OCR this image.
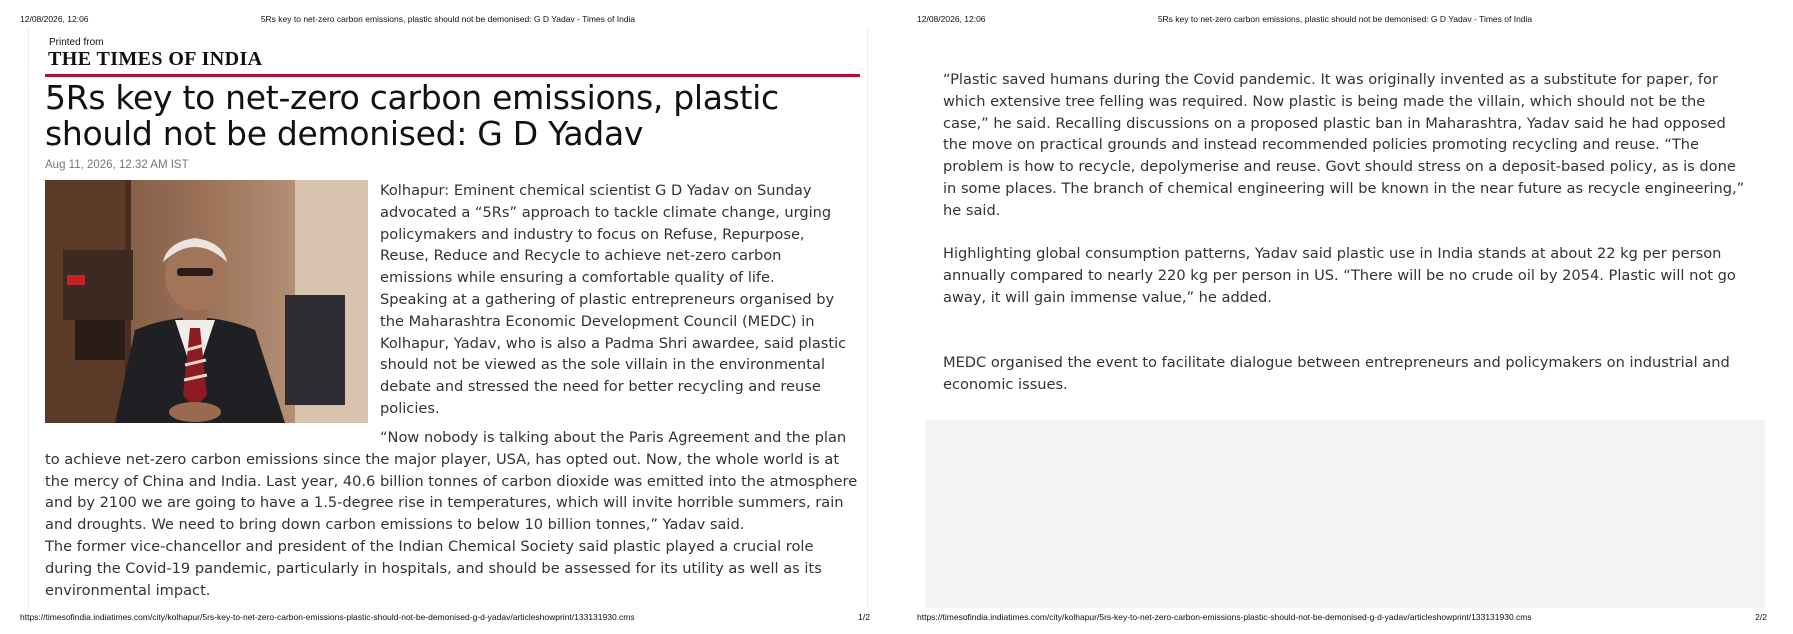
12/08/2026, 12:06	5Rs key to net-zero carbon emissions, plastic should not be demonised: G D Yadav - Times of India
Printed from
THE TIMES OF INDIA
5Rs key to net-zero carbon emissions, plastic should not be demonised: G D Yadav
Aug 11, 2026, 12.32 AM IST

Kolhapur: Eminent chemical scientist G D Yadav on Sunday advocated a “5Rs” approach to tackle climate change, urging policymakers and industry to focus on Refuse, Repurpose, Reuse, Reduce and Recycle to achieve net-zero carbon emissions while ensuring a comfortable quality of life.
Speaking at a gathering of plastic entrepreneurs organised by the Maharashtra Economic Development Council (MEDC) in Kolhapur, Yadav, who is also a Padma Shri awardee, said plastic should not be viewed as the sole villain in the environmental debate and stressed the need for better recycling and reuse policies.

“Now nobody is talking about the Paris Agreement and the plan to achieve net-zero carbon emissions since the major player, USA, has opted out. Now, the whole world is at the mercy of China and India. Last year, 40.6 billion tonnes of carbon dioxide was emitted into the atmosphere and by 2100 we are going to have a 1.5-degree rise in temperatures, which will invite horrible summers, rain and droughts. We need to bring down carbon emissions to below 10 billion tonnes,” Yadav said.
The former vice-chancellor and president of the Indian Chemical Society said plastic played a crucial role during the Covid-19 pandemic, particularly in hospitals, and should be assessed for its utility as well as its environmental impact.

https://timesofindia.indiatimes.com/city/kolhapur/5rs-key-to-net-zero-carbon-emissions-plastic-should-not-be-demonised-g-d-yadav/articleshowprint/133131930.cms	1/2
12/08/2026, 12:06	5Rs key to net-zero carbon emissions, plastic should not be demonised: G D Yadav - Times of India

“Plastic saved humans during the Covid pandemic. It was originally invented as a substitute for paper, for which extensive tree felling was required. Now plastic is being made the villain, which should not be the case,” he said. Recalling discussions on a proposed plastic ban in Maharashtra, Yadav said he had opposed the move on practical grounds and instead recommended policies promoting recycling and reuse. “The problem is how to recycle, depolymerise and reuse. Govt should stress on a deposit-based policy, as is done in some places. The branch of chemical engineering will be known in the near future as recycle engineering,” he said.

Highlighting global consumption patterns, Yadav said plastic use in India stands at about 22 kg per person annually compared to nearly 220 kg per person in US. “There will be no crude oil by 2054. Plastic will not go away, it will gain immense value,” he added.

MEDC organised the event to facilitate dialogue between entrepreneurs and policymakers on industrial and economic issues.

https://timesofindia.indiatimes.com/city/kolhapur/5rs-key-to-net-zero-carbon-emissions-plastic-should-not-be-demonised-g-d-yadav/articleshowprint/133131930.cms	2/2
